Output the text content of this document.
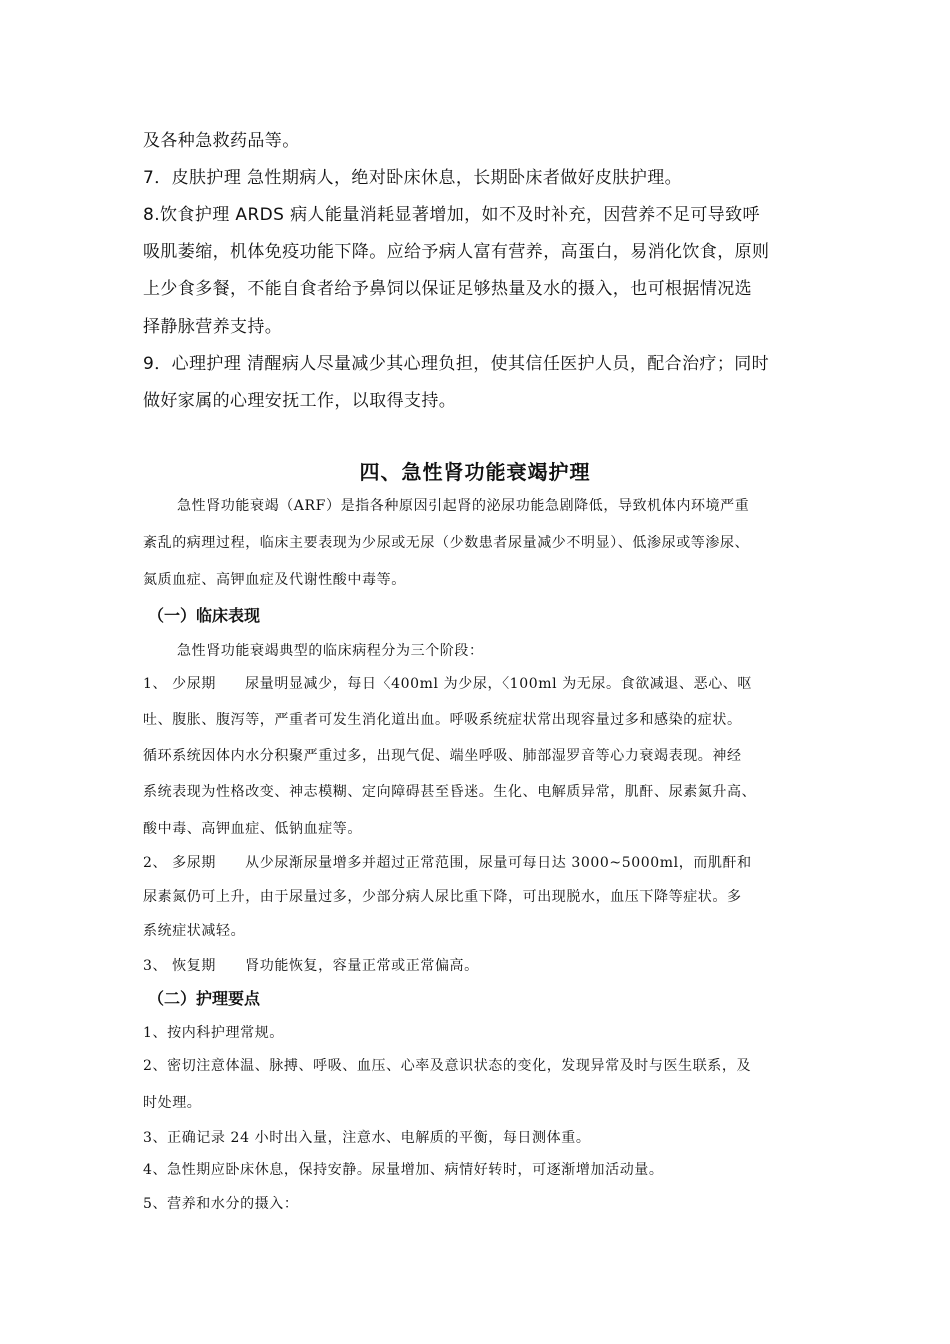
及各种急救药品等。
7．皮肤护理 急性期病人，绝对卧床休息，长期卧床者做好皮肤护理。
8.饮食护理 ARDS 病人能量消耗显著增加，如不及时补充，因营养不足可导致呼
吸肌萎缩，机体免疫功能下降。应给予病人富有营养，高蛋白，易消化饮食，原则
上少食多餐，不能自食者给予鼻饲以保证足够热量及水的摄入，也可根据情况选
择静脉营养支持。
9．心理护理 清醒病人尽量减少其心理负担，使其信任医护人员，配合治疗；同时
做好家属的心理安抚工作，以取得支持。
四、急性肾功能衰竭护理
急性肾功能衰竭（ARF）是指各种原因引起肾的泌尿功能急剧降低，导致机体内环境严重
紊乱的病理过程，临床主要表现为少尿或无尿（少数患者尿量减少不明显）、低渗尿或等渗尿、
氮质血症、高钾血症及代谢性酸中毒等。
（一）临床表现
急性肾功能衰竭典型的临床病程分为三个阶段：
1、 少尿期　　尿量明显减少，每日〈400ml 为少尿，〈100ml 为无尿。食欲减退、恶心、呕
吐、腹胀、腹泻等，严重者可发生消化道出血。呼吸系统症状常出现容量过多和感染的症状。
循环系统因体内水分积聚严重过多，出现气促、端坐呼吸、肺部湿罗音等心力衰竭表现。神经
系统表现为性格改变、神志模糊、定向障碍甚至昏迷。生化、电解质异常，肌酐、尿素氮升高、
酸中毒、高钾血症、低钠血症等。
2、 多尿期　　从少尿渐尿量增多并超过正常范围，尿量可每日达 3000~5000ml，而肌酐和
尿素氮仍可上升，由于尿量过多，少部分病人尿比重下降，可出现脱水，血压下降等症状。多
系统症状减轻。
3、 恢复期　　肾功能恢复，容量正常或正常偏高。
（二）护理要点
1、按内科护理常规。
2、密切注意体温、脉搏、呼吸、血压、心率及意识状态的变化，发现异常及时与医生联系，及
时处理。
3、正确记录 24 小时出入量，注意水、电解质的平衡，每日测体重。
4、急性期应卧床休息，保持安静。尿量增加、病情好转时，可逐渐增加活动量。
5、营养和水分的摄入：
